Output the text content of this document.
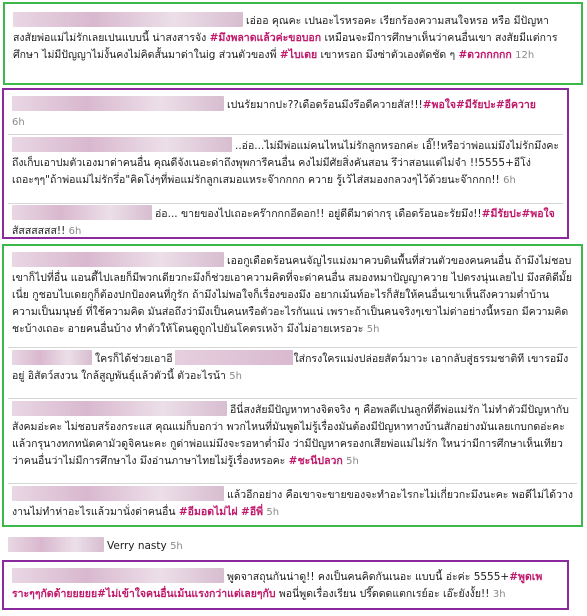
เอ่ออ คุณคะ เปนอะไรหรอคะ เรียกร้องความสนใจหรอ หรือ มีปัญหาสงสัยพ่อแม่ไม่รักเลยเปนแบบนี้ น่าสงสารจัง #มึงพลาดแล้วค่ะขอบอก เหมือนจะมีการศึกษาเห็นว่าคนอื่นเขา สงสัยมีแต่การศึกษา ไม่มีปัญญาไม่งั้นคงไม่คิดสั้นมาด่าในig ส่วนตัวของพี่ #ไบเดย เขาหรอก มึงซ่าตัวเองตัดชัด ๆ #ดวกกกกก 12h

เปนรัยมากปะ??เดือดร้อนมึงรึอดีควายสัส!!!#พอใจ#มีรัยปะ#อีควาย

6h

..อ่อ...ไม่มีพ่อแม่คนไหนไม่รักลูกหรอกค่ะ เอิ๊!!หรือว่าพ่อแม่มึงไม่รักมึงคะถึงเก็บเอาปมตัวเองมาด่าคนอื่น คุณดีจังเนอะด่าถึงพุพการีคนอื่น คงไม่มีศัยสิ่งคันสอน รึว่าสอนแต่ไม่จำ !!5555+อีโง่ เถอะๆๆ"ถ้าพ่อแม่ไม่รักรึ่อ"คิดโง่ๆที่พ่อแม่รักลูกเสมอแหระจ๊ากกกก ควาย รู้เว้ไส่สมองกลวงๆไว้ด้วยนะจ๊ากกก!! 6h

อ่อ... ขายของไปเถอะคร๊ากกกอีดอก!! อยู่ดีดีมาด่ากรุ เดือดร้อนอะรัยมึง!!#มีรัยปะ#พอใจ สัสสสสสส!! 6h

เออกูเดือดร้อนคนจัญไรแม่งมาควบดินพื้นที่ส่วนตัวของคนคนอื่น ถ้ามึงไม่ชอบเขาก็ไปที่อื่น แอนดี้ไปเลยก็มีพวกเดียวกะมึงก็ช่วยเอาความคิดที่จะด่าคนอื่น สมองหมาปัญญาควาย ไปตรงนุ่นเลยไป มึงสติดีมั้ยเนี่ย กูชอบไบเดยกูก็ต้องปกป้องคนที่กูรัก ถ้ามึงไม่พอใจก็เรื่องของมึง อยากเม้นท์อะไรก็สัยให้คนอื่นเขาเห็นถึงความต่ำบ้านความเป็นมนุษย์ ที่ใช้ความคิด มันส่อถึงว่ามึงเป็นคนหรือตัวอะไรกันแน่ เพราะถ้าเป็นคนจริงๆเขาไม่ด่าอย่างนี้หรอก มีความคิดชะบ้างเถอะ อายคนอื่นบ้าง ทำตัวให้โดนดูถูกไปยันโคตรเหง้า มึงไม่อายเหรอวะ 5h

ใครก็ได้ช่วยเอาอี	ใส่กรงใครแม่งปล่อยสัตว์มาวะ เอากลับสู่ธรรมชาติที เขารอมึงอยู่ อิสัตว์สงวน ใกล้สูญพันธุ์แล้วตัวนี้ ตัวอะไรน้า 5h

อีนี่สงสัยมีปัญหาทางจิตจริง ๆ คือพลดีเปนลูกที่ดีพ่อแม่รัก ไม่ทำตัวมีปัญหากับสังคมอ่ะคะ ไม่ชอบสร้องกระแส คุณแม่ก็บอกว่า พวกไหนที่มันพูดไม่รู้เรื่องมันต้องมีปัญหาทางบ้านสักอย่างมันเลยเกบกดอ่ะคะ แล้วกรุนางทกทนัดคามัวดูจิคนะคะ กูด่าพ่อแม่มึงจะรอหาต่ำมึง ว่ามีปัญหาครองกเสียพ่อแม่ไม่รัก ใหนว่ามีการศึกษาเห็นเทียวว่าคนอื่นว่าไม่มีการศึกษาไง มึงอ่านภาษาไทยไม่รู้เรื่องหรอคะ #ชะนีปลวก 5h

แล้วอีกอย่าง คือเขาจะขายของจะทำอะไรกะไม่เกี่ยวกะมึงนะคะ พอดีไม่ได้วางงานไม่ทำห่าอะไรแล้วมานั่งด่าคนอื่น #อีมอดไม่ไผ่ #อีพี่ 5h

Verry nasty 5h

พูดจาสถุนกันน่าดู!! คงเป็นคนคิดกันเนอะ แบบนี้ อ่ะค่ะ 5555+#พูดเพราะๆๆกัดด้ายยยยย#ไม่เข้าใจคนอื่นเม้นแรงกว่าแต่เลยๆกับ พอนี่พูดเรื่องเรียน ปรี๊ดดดแตกเรย์อะ เอ๊ะยังงั้ย!! 3h
